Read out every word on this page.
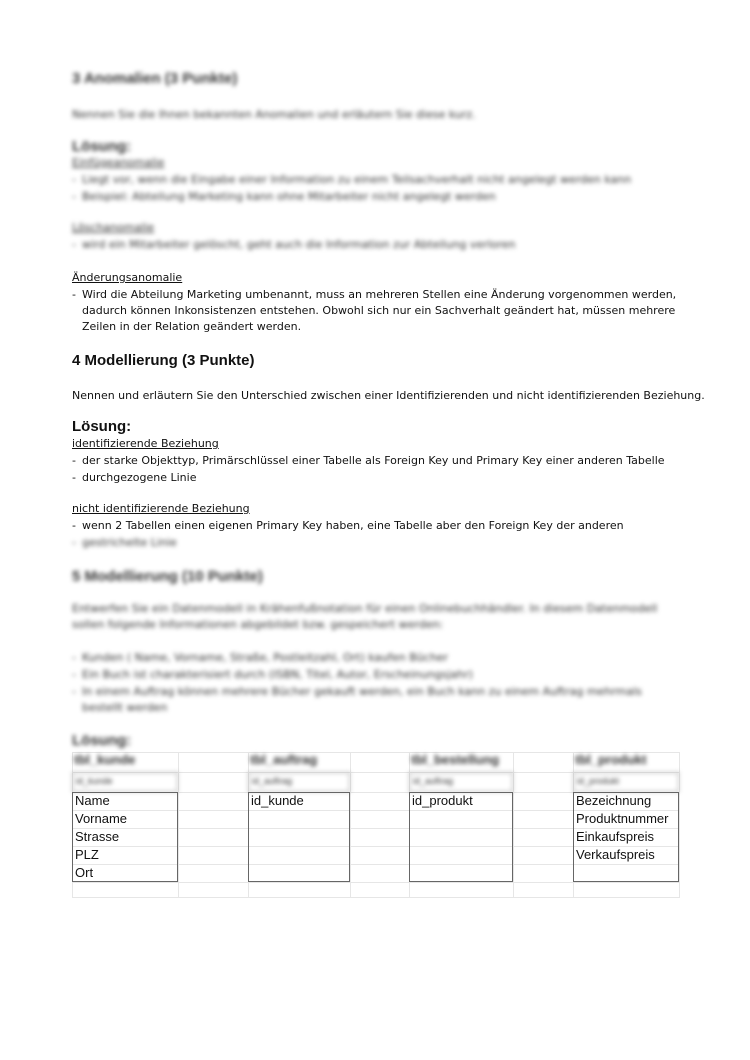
3 Anomalien (3 Punkte)
Nennen Sie die Ihnen bekannten Anomalien und erläutern Sie diese kurz.
Lösung:
Einfügeanomalie
- Liegt vor, wenn die Eingabe einer Information zu einem Teilsachverhalt nicht angelegt werden kann
- Beispiel: Abteilung Marketing kann ohne Mitarbeiter nicht angelegt werden
Löschanomalie
- wird ein Mitarbeiter gelöscht, geht auch die Information zur Abteilung verloren
Änderungsanomalie
- Wird die Abteilung Marketing umbenannt, muss an mehreren Stellen eine Änderung vorgenommen werden, dadurch können Inkonsistenzen entstehen. Obwohl sich nur ein Sachverhalt geändert hat, müssen mehrere Zeilen in der Relation geändert werden.
4 Modellierung (3 Punkte)
Nennen und erläutern Sie den Unterschied zwischen einer Identifizierenden und nicht identifizierenden Beziehung.
Lösung:
identifizierende Beziehung
- der starke Objekttyp, Primärschlüssel einer Tabelle als Foreign Key und Primary Key einer anderen Tabelle
- durchgezogene Linie
nicht identifizierende Beziehung
- wenn 2 Tabellen einen eigenen Primary Key haben, eine Tabelle aber den Foreign Key der anderen
- gestrichelte Linie
5 Modellierung (10 Punkte)
Entwerfen Sie ein Datenmodell in Krähenfußnotation für einen Onlinebuchhändler. In diesem Datenmodell sollen folgende Informationen abgebildet bzw. gespeichert werden:
- Kunden ( Name, Vorname, Straße, Postleitzahl, Ort) kaufen Bücher
- Ein Buch ist charakterisiert durch (ISBN, Titel, Autor, Erscheinungsjahr)
- In einem Auftrag können mehrere Bücher gekauft werden, ein Buch kann zu einem Auftrag mehrmals bestellt werden
Lösung:
tbl_kunde
id_kunde
Name
Vorname
Strasse
PLZ
Ort
tbl_auftrag
id_auftrag
id_kunde
tbl_bestellung
id_auftrag
id_produkt
tbl_produkt
id_produkt
Bezeichnung
Produktnummer
Einkaufspreis
Verkaufspreis
